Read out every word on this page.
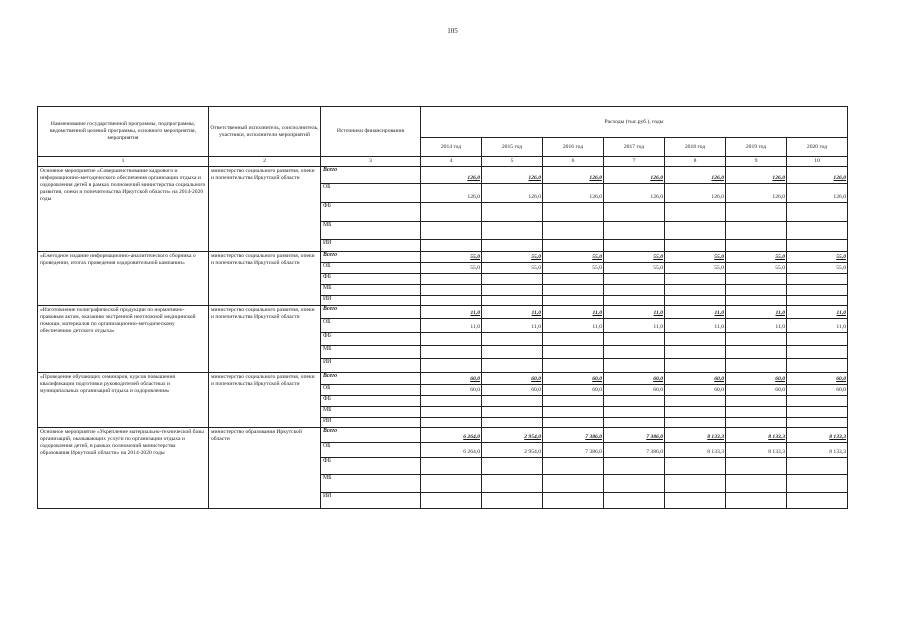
105
Наименование государственной программы, подпрограммы, ведомственной целевой программы, основного мероприятия, мероприятия	Ответственный исполнитель, соисполнитель, участники, исполнители мероприятий	Источники финансирования	Расходы (тыс.руб.), годы						
			2014 год	2015 год	2016 год	2017 год	2018 год	2019 год	2020 год
1	2	3	4	5	6	7	8	9	10
Основное мероприятие «Совершенствование кадрового и информационно-методического обеспечения организации отдыха и оздоровления детей в рамках полномочий министерства социального развития, опеки и попечительства Иркутской области» на 2014-2020 годы	министерство социального развития, опеки и попечительства Иркутской области	Всего	126,0	126,0	126,0	126,0	126,0	126,0	126,0
		ОБ	126,0	126,0	126,0	126,0	126,0	126,0	126,0
		ФБ							
		МБ							
		ИИ							
«Ежегодное издание информационно-аналитического сборника о проведении, итогах проведения оздоровительной кампании»	министерство социального развития, опеки и попечительства Иркутской области	Всего	55,0	55,0	55,0	55,0	55,0	55,0	55,0
		ОБ	55,0	55,0	55,0	55,0	55,0	55,0	55,0
		ФБ							
		МБ							
		ИИ							
«Изготовление полиграфической продукции по нормативно-правовым актам, оказанию экстренной неотложной медицинской помощи, материалов по организационно-методическому обеспечению детского отдыха»	министерство социального развития, опеки и попечительства Иркутской области	Всего	11,0	11,0	11,0	11,0	11,0	11,0	11,0
		ОБ	11,0	11,0	11,0	11,0	11,0	11,0	11,0
		ФБ							
		МБ							
		ИИ							
«Проведение обучающих семинаров, курсов повышения квалификации подготовки руководителей областных и муниципальных организаций отдыха и оздоровления»	министерство социального развития, опеки и попечительства Иркутской области	Всего	60,0	60,0	60,0	60,0	60,0	60,0	60,0
		ОБ	60,0	60,0	60,0	60,0	60,0	60,0	60,0
		ФБ							
		МБ							
		ИИ							
Основное мероприятие «Укрепление материально-технической базы организаций, оказывающих услуги по организации отдыха и оздоровления детей, в рамках полномочий министерства образования Иркутской области» на 2014-2020 годы	министерство образования Иркутской области	Всего	6 264,0	2 954,0	7 386,0	7 386,0	8 133,3	8 133,3	8 133,3
		ОБ	6 264,0	2 954,0	7 386,0	7 386,0	8 133,3	8 133,3	8 133,3
		ФБ							
		МБ							
		ИИ							
